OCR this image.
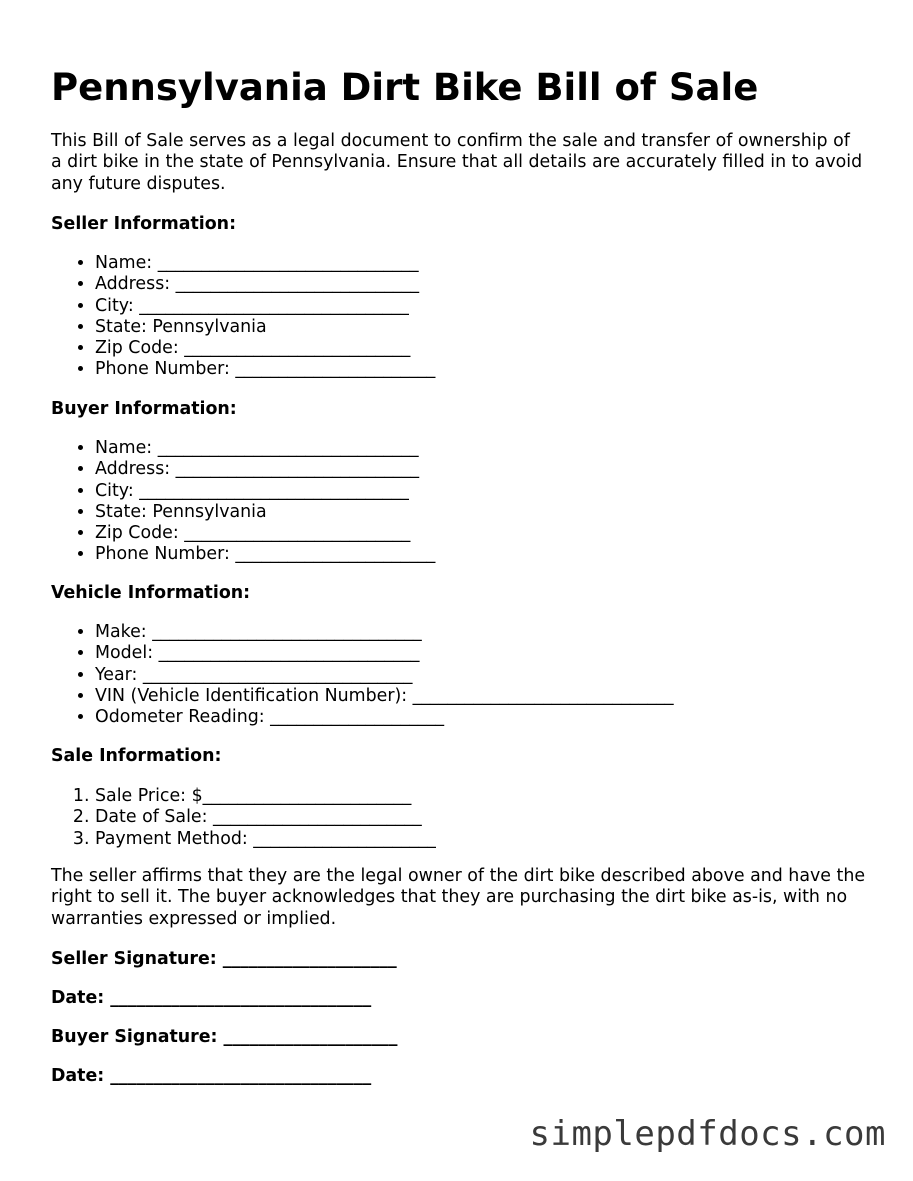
Pennsylvania Dirt Bike Bill of Sale

This Bill of Sale serves as a legal document to confirm the sale and transfer of ownership of a dirt bike in the state of Pennsylvania. Ensure that all details are accurately filled in to avoid any future disputes.

Seller Information:

• Name: ______________________________
• Address: ____________________________
• City: _______________________________
• State: Pennsylvania
• Zip Code: __________________________
• Phone Number: _______________________

Buyer Information:

• Name: ______________________________
• Address: ____________________________
• City: _______________________________
• State: Pennsylvania
• Zip Code: __________________________
• Phone Number: _______________________

Vehicle Information:

• Make: _______________________________
• Model: ______________________________
• Year: _______________________________
• VIN (Vehicle Identification Number): ______________________________
• Odometer Reading: ____________________

Sale Information:

1. Sale Price: $________________________
2. Date of Sale: ________________________
3. Payment Method: _____________________

The seller affirms that they are the legal owner of the dirt bike described above and have the right to sell it. The buyer acknowledges that they are purchasing the dirt bike as-is, with no warranties expressed or implied.

Seller Signature: ____________________

Date: ______________________________

Buyer Signature: ____________________

Date: ______________________________

simplepdfdocs.com
